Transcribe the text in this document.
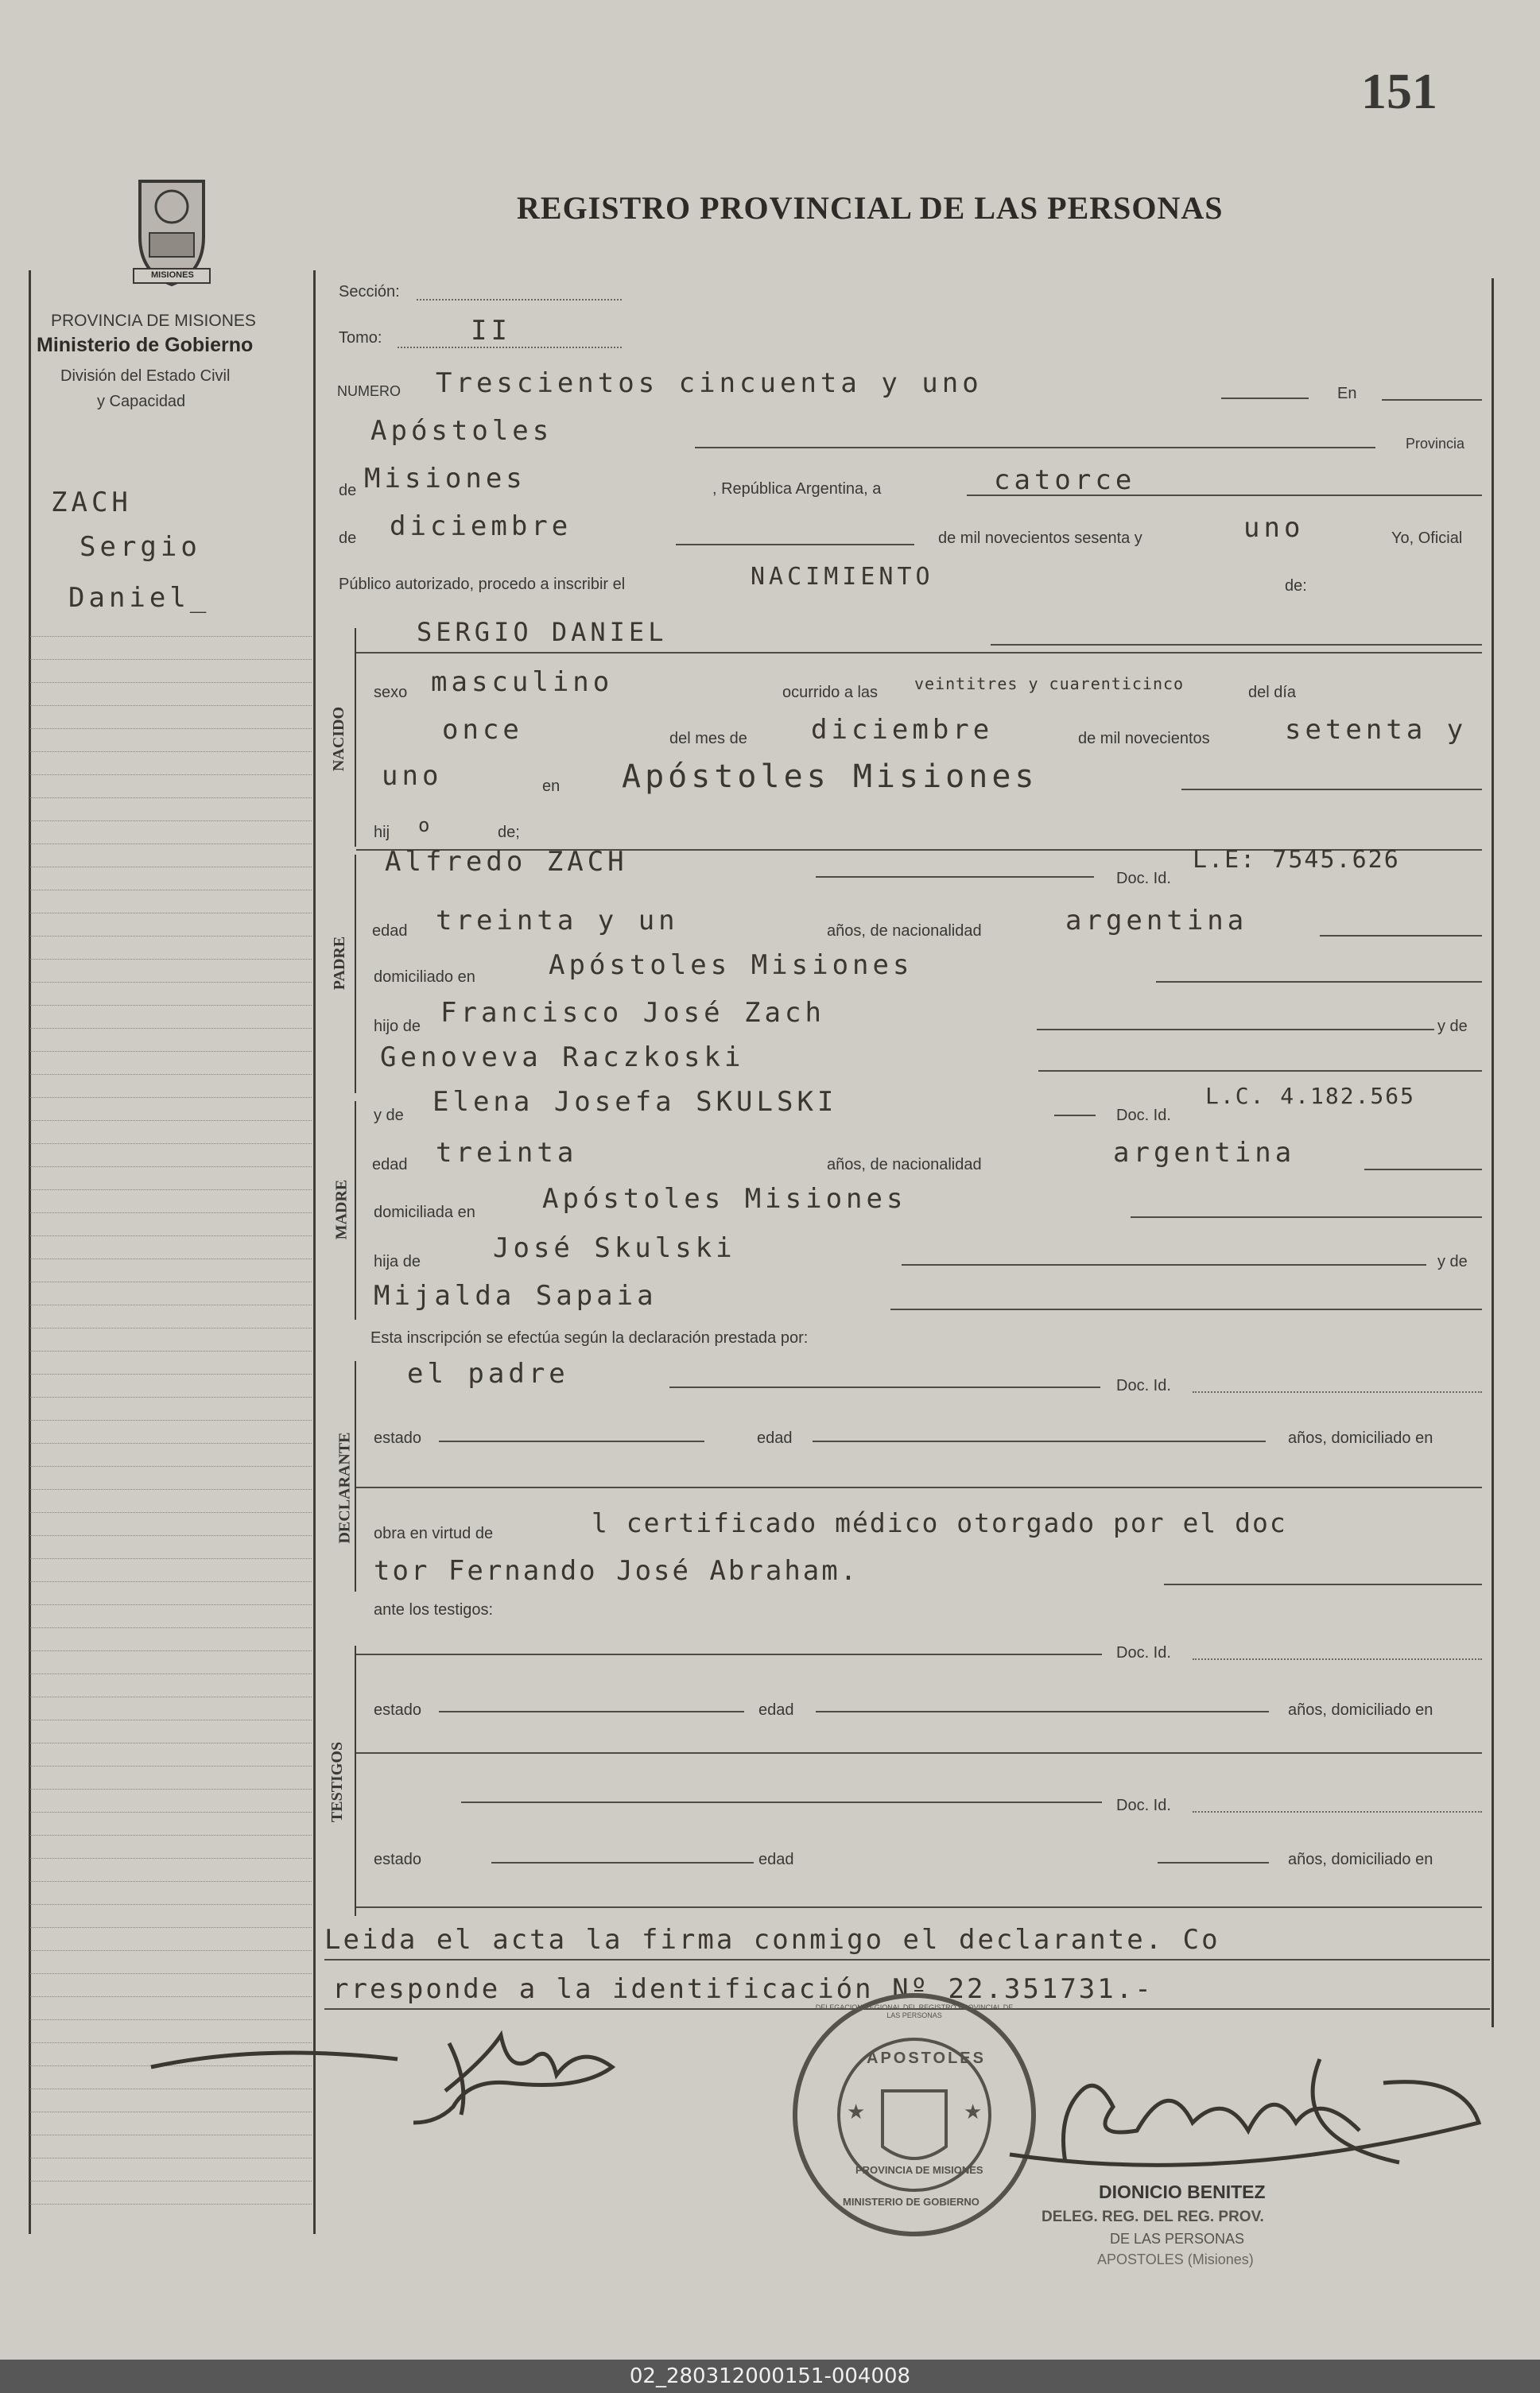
151
REGISTRO PROVINCIAL DE LAS PERSONAS
MISIONES
PROVINCIA DE MISIONES
Ministerio de Gobierno
División del Estado Civil
y Capacidad
ZACH
Sergio
Daniel_
NACIDO
PADRE
MADRE
DECLARANTE
TESTIGOS
Sección:
Tomo:	II
NUMERO Trescientos cincuenta y uno	En
Apóstoles	Provincia
de Misiones	, República Argentina, a	catorce
de diciembre	de mil novecientos sesenta y	uno	Yo, Oficial
Público autorizado, procedo a inscribir el	NACIMIENTO	de:
SERGIO DANIEL
sexo masculino	ocurrido a las veintitres y cuarenticinco	del día
once	del mes de diciembre	de mil novecientos	setenta y
uno	en Apóstoles Misiones
hij o	de;
Alfredo ZACH
Doc. Id.
L.E: 7545.626
edad treinta y un	años, de nacionalidad	argentina
domiciliado en	Apóstoles Misiones
hijo de Francisco José Zach	y de
Genoveva Raczkoski
y de Elena Josefa SKULSKI	Doc. Id.
L.C. 4.182.565
edad treinta	años, de nacionalidad	argentina
domiciliada en Apóstoles Misiones
hija de	José Skulski	y de
Mijalda Sapaia
Esta inscripción se efectúa según la declaración prestada por:
el padre	Doc. Id.
estado	edad	años, domiciliado en
obra en virtud de	l certificado médico otorgado por el doc
tor Fernando José Abraham.
ante los testigos:
Doc. Id.
estado	edad	años, domiciliado en
Doc. Id.
estado	edad	años, domiciliado en
Leida el acta la firma conmigo el declarante. Co
rresponde a la identificación Nº 22.351731.-
★	★
APOSTOLES
PROVINCIA DE MISIONES
MINISTERIO DE GOBIERNO
DELEGACION REGIONAL DEL REGISTRO PROVINCIAL DE LAS PERSONAS
DIONICIO BENITEZ
DELEG. REG. DEL REG. PROV.
DE LAS PERSONAS
APOSTOLES (Misiones)
02_280312000151-004008
